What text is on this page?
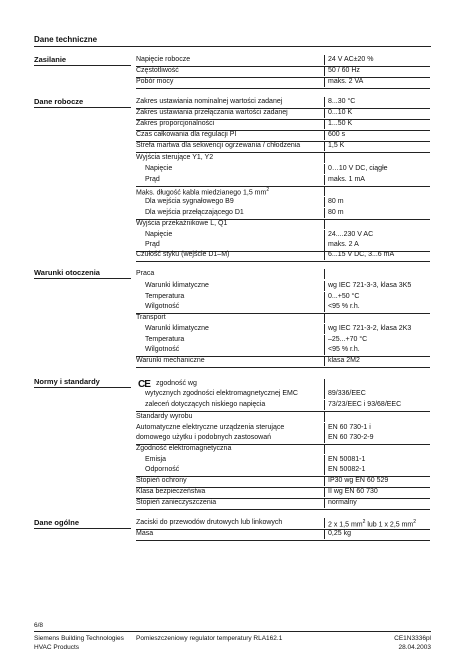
Dane techniczne
Zasilanie
Dane robocze
Warunki otoczenia
Normy i standardy
Dane ogólne
Napięcie robocze	24 V AC±20 %
Częstotliwość	50 / 60 Hz
Pobór mocy	maks. 2 VA
Zakres ustawiania nominalnej wartości zadanej	8...30 °C
Zakres ustawiania przełączania wartości zadanej	0...10 K
Zakres proporcjonalności	1...50 K
Czas całkowania dla regulacji PI	600 s
Strefa martwa dla sekwencji ogrzewania / chłodzenia	1,5 K
Wyjścia sterujące Y1, Y2
Napięcie	0…10 V DC, ciągłe
Prąd	maks. 1 mA
Maks. długość kabla miedzianego 1,5 $mm^2$
Dla wejścia sygnałowego B9	80 m
Dla wejścia przełączającego D1	80 m
Wyjścia przekaźnikowe L, Q1
Napięcie	24....230 V AC
Prąd	maks. 2 A
Czułość styku (wejście D1–M)	6...15 V DC, 3...6 mA
Praca
Warunki klimatyczne	wg IEC 721-3-3, klasa 3K5
Temperatura	0...+50 °C
Wilgotność	<95 % r.h.
Transport
Warunki klimatyczne	wg IEC 721-3-2, klasa 2K3
Temperatura	–25...+70 °C
Wilgotność	<95 % r.h.
Warunki mechaniczne	klasa 2M2
CE zgodność wg
wytycznych zgodności elektromagnetycznej EMC	89/336/EEC
zaleceń dotyczących niskiego napięcia	73/23/EEC i 93/68/EEC
Standardy wyrobu
Automatyczne elektryczne urządzenia sterujące	EN 60 730-1 i
domowego użytku i podobnych zastosowań	EN 60 730-2-9
Zgodność elektromagnetyczna
Emisja	EN 50081-1
Odporność	EN 50082-1
Stopień ochrony	IP30 wg EN 60 529
Klasa bezpieczeństwa	II wg EN 60 730
Stopień zanieczyszczenia	normalny
Zaciski do przewodów drutowych lub linkowych	2 x 1,5 $mm^2$ lub 1 x 2,5 $mm^2$
Masa	0,25 kg
6/8
Siemens Building Technologies
HVAC Products
Pomieszczeniowy regulator temperatury RLA162.1	CE1N3336pl
28.04.2003
